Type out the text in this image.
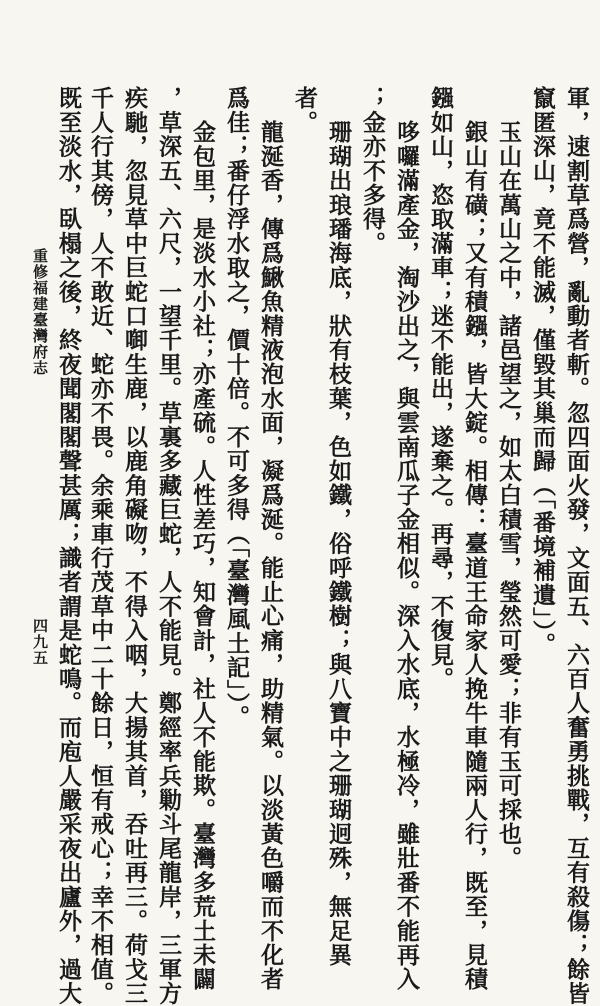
軍，速割草爲營，亂動者斬。忽四面火發，文面五、六百人奮勇挑戰，互有殺傷；餘皆
竄匿深山，竟不能滅，僅毀其巢而歸（「番境補遺」）。
玉山在萬山之中，諸邑望之，如太白積雪，瑩然可愛；非有玉可採也。
銀山有磺；又有積鏹，皆大錠。相傳：臺道王命家人挽牛車隨兩人行，既至，見積
鏹如山，恣取滿車；迷不能出，遂棄之。再尋，不復見。
哆囉滿產金，淘沙出之，與雲南瓜子金相似。深入水底，水極冷，雖壯番不能再入
；金亦不多得。
珊瑚出琅璠海底，狀有枝葉，色如鐵，俗呼鐵樹；與八寶中之珊瑚迥殊，無足異
者。
龍涎香，傳爲鰍魚精液泡水面，凝爲涎。能止心痛，助精氣。以淡黃色嚼而不化者
爲佳；番仔浮水取之，價十倍。不可多得（「臺灣風土記」）。
金包里，是淡水小社；亦產硫。人性差巧，知會計，社人不能欺。臺灣多荒土未闢
，草深五、六尺，一望千里。草裏多藏巨蛇，人不能見。鄭經率兵勦斗尾龍岸，三軍方
疾馳，忽見草中巨蛇口啣生鹿，以鹿角礙吻，不得入咽，大揚其首，吞吐再三。荷戈三
千人行其傍，人不敢近、蛇亦不畏。余乘車行茂草中二十餘日，恒有戒心；幸不相值。
既至淡水，臥榻之後，終夜聞閣閣聲甚厲；識者謂是蛇鳴。而庖人嚴采夜出廬外，過大
重修福建臺灣府志
四九五
